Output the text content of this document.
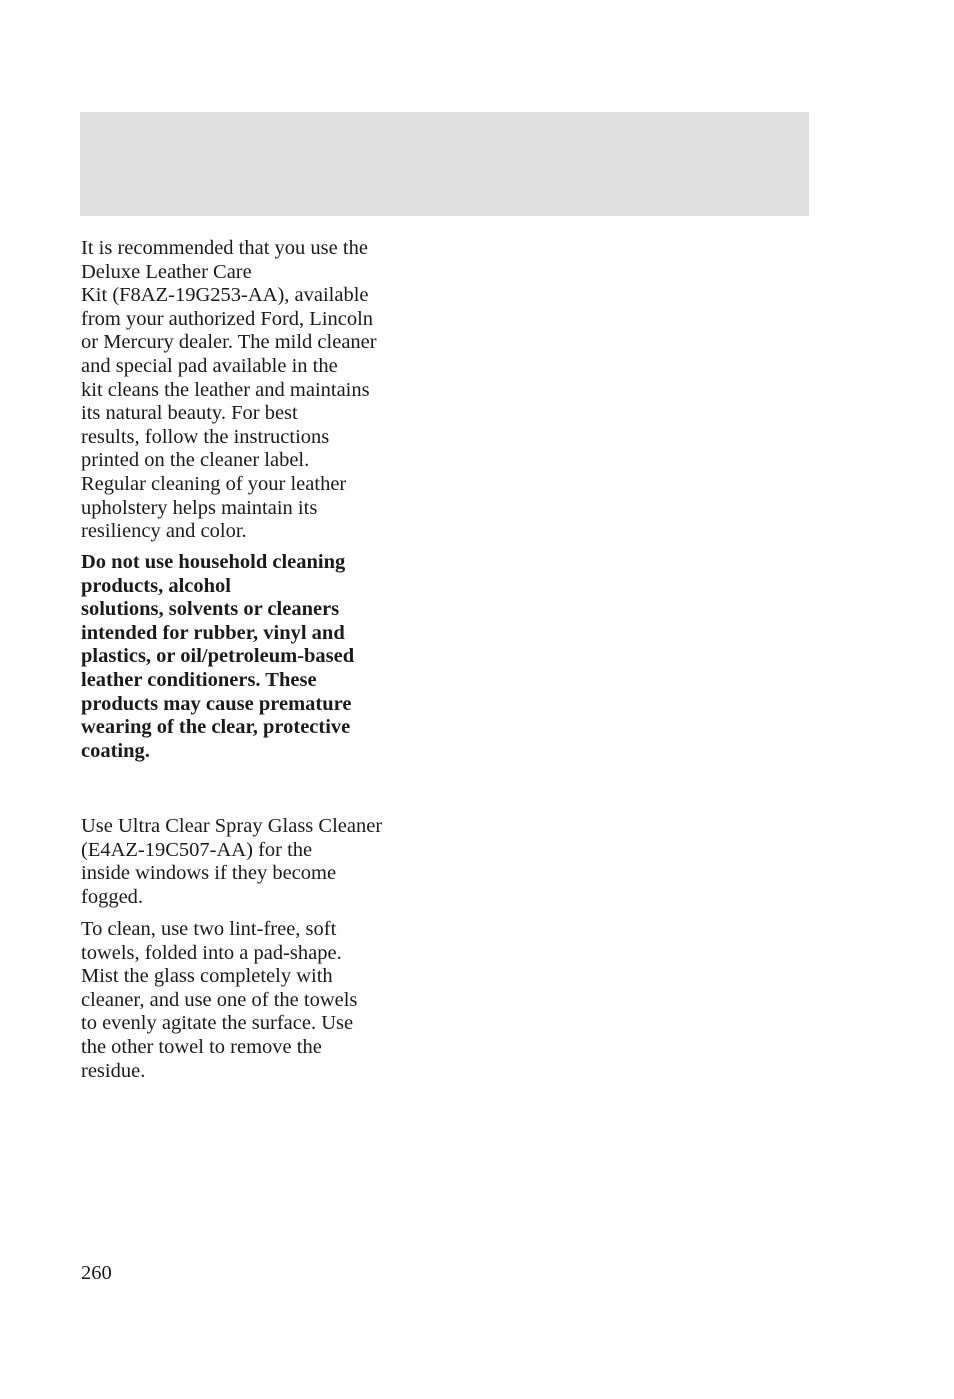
It is recommended that you use the
Deluxe Leather Care
Kit (F8AZ-19G253-AA), available
from your authorized Ford, Lincoln
or Mercury dealer. The mild cleaner
and special pad available in the
kit cleans the leather and maintains
its natural beauty. For best
results, follow the instructions
printed on the cleaner label.
Regular cleaning of your leather
upholstery helps maintain its
resiliency and color.

Do not use household cleaning
products, alcohol
solutions, solvents or cleaners
intended for rubber, vinyl and
plastics, or oil/petroleum-based
leather conditioners. These
products may cause premature
wearing of the clear, protective
coating.

Use Ultra Clear Spray Glass Cleaner
(E4AZ-19C507-AA) for the
inside windows if they become
fogged.

To clean, use two lint-free, soft
towels, folded into a pad-shape.
Mist the glass completely with
cleaner, and use one of the towels
to evenly agitate the surface. Use
the other towel to remove the
residue.

260
